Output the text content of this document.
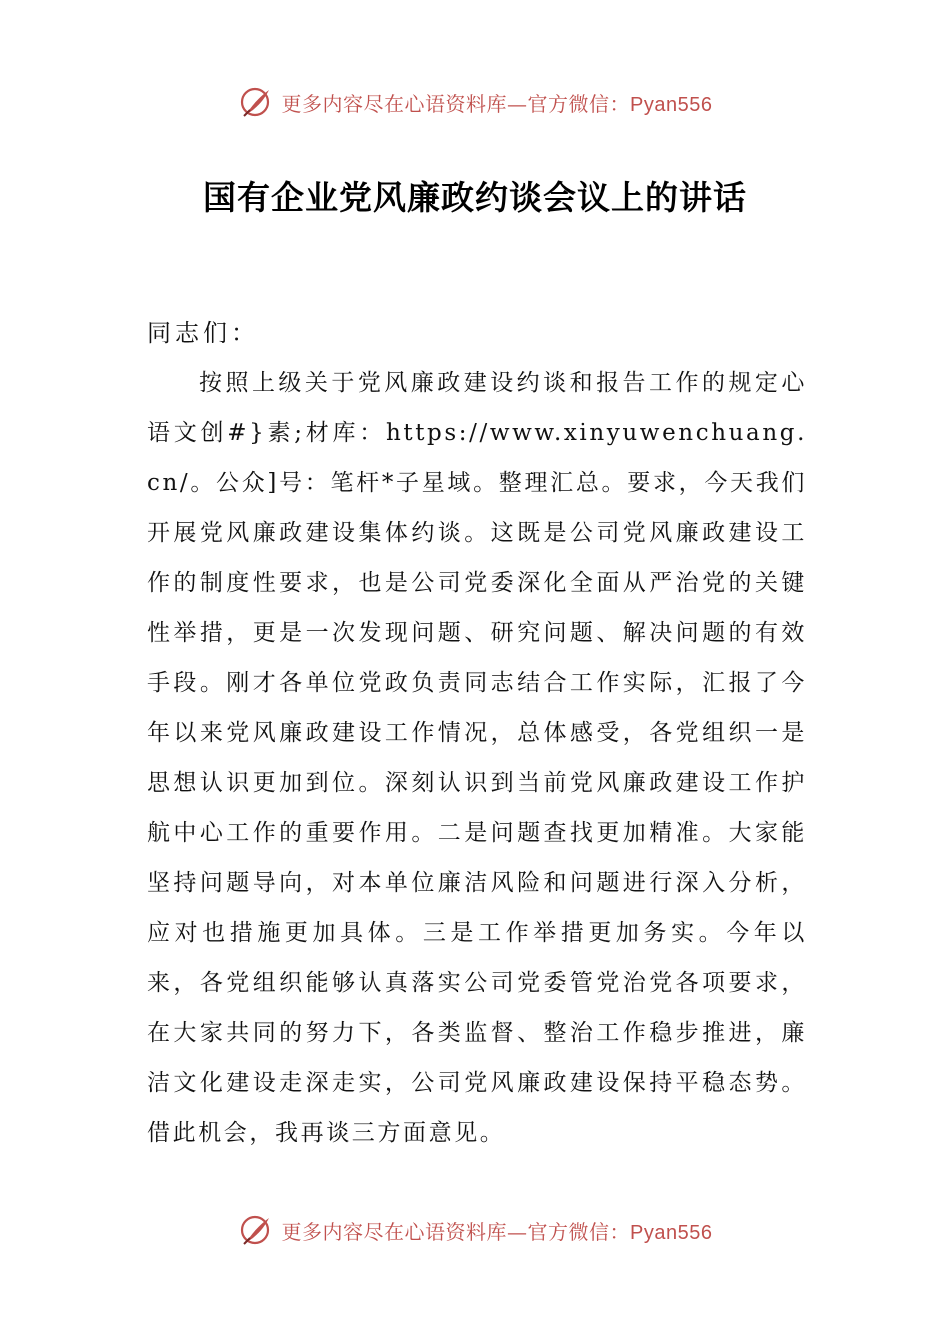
更多内容尽在心语资料库—官方微信：Pyan556
国有企业党风廉政约谈会议上的讲话

同志们：

按照上级关于党风廉政建设约谈和报告工作的规定心语文创#}素;材库：https://www.xinyuwenchuang.cn/。公众]号：笔杆*子星域。整理汇总。要求，今天我们开展党风廉政建设集体约谈。这既是公司党风廉政建设工作的制度性要求，也是公司党委深化全面从严治党的关键性举措，更是一次发现问题、研究问题、解决问题的有效手段。刚才各单位党政负责同志结合工作实际，汇报了今年以来党风廉政建设工作情况，总体感受，各党组织一是思想认识更加到位。深刻认识到当前党风廉政建设工作护航中心工作的重要作用。二是问题查找更加精准。大家能坚持问题导向，对本单位廉洁风险和问题进行深入分析，应对也措施更加具体。三是工作举措更加务实。今年以来，各党组织能够认真落实公司党委管党治党各项要求，在大家共同的努力下，各类监督、整治工作稳步推进，廉洁文化建设走深走实，公司党风廉政建设保持平稳态势。借此机会，我再谈三方面意见。

更多内容尽在心语资料库—官方微信：Pyan556
